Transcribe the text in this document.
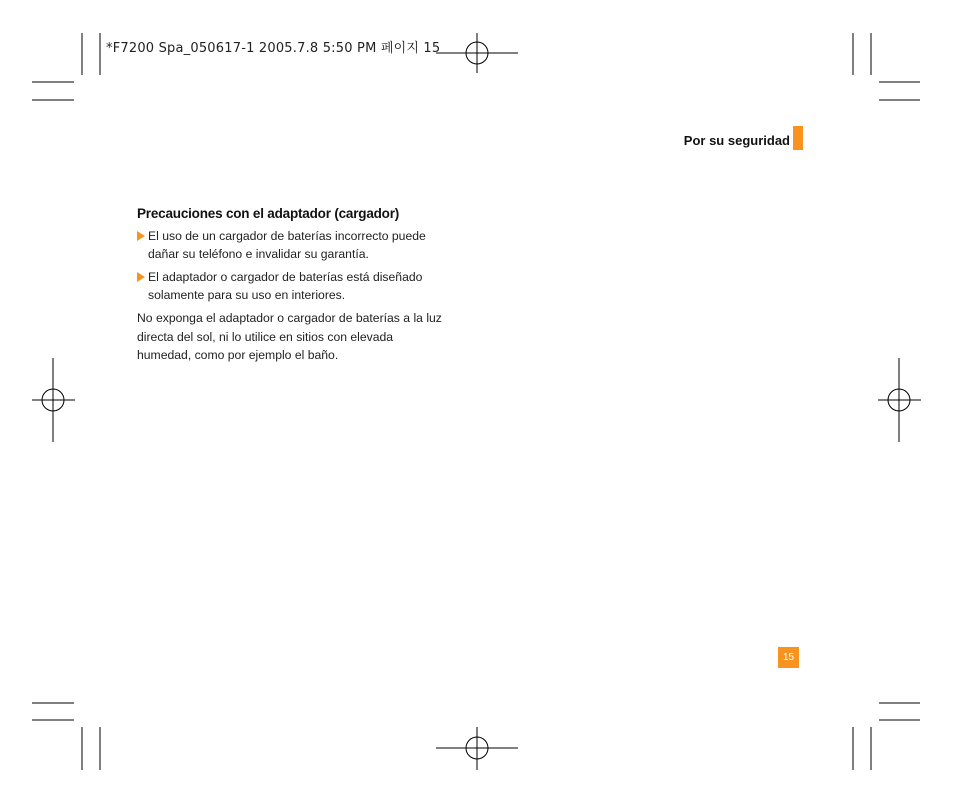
*F7200 Spa_050617-1 2005.7.8 5:50 PM 페이지 15
Por su seguridad
Precauciones con el adaptador (cargador)
El uso de un cargador de baterías incorrecto puede dañar su teléfono e invalidar su garantía.
El adaptador o cargador de baterías está diseñado solamente para su uso en interiores.

No exponga el adaptador o cargador de baterías a la luz directa del sol, ni lo utilice en sitios con elevada humedad, como por ejemplo el baño.

15
